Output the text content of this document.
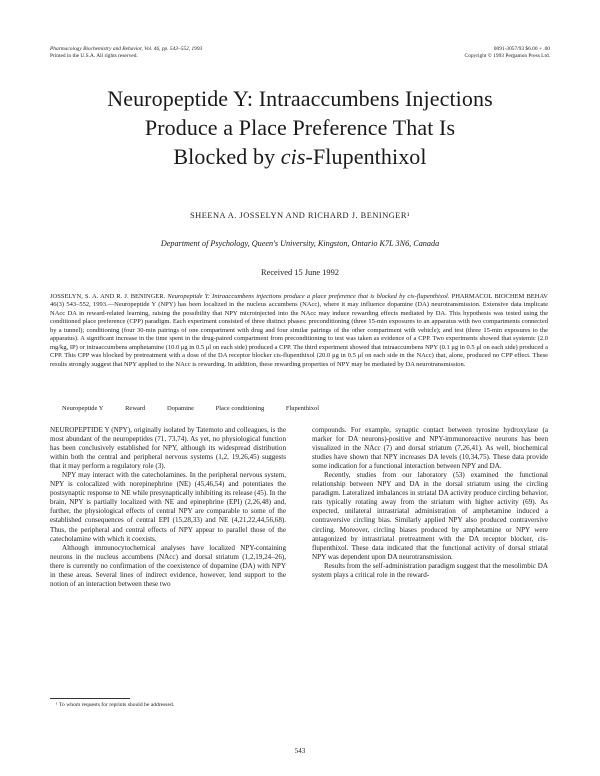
Pharmacology Biochemistry and Behavior, Vol. 46, pp. 543–552, 1993
Printed in the U.S.A. All rights reserved.
0091-3057/93 $6.00 + .00
Copyright © 1993 Pergamon Press Ltd.
Neuropeptide Y: Intraaccumbens Injections
Produce a Place Preference That Is
Blocked by cis-Flupenthixol
SHEENA A. JOSSELYN AND RICHARD J. BENINGER¹
Department of Psychology, Queen's University, Kingston, Ontario K7L 3N6, Canada
Received 15 June 1992
JOSSELYN, S. A. AND R. J. BENINGER. Neuropeptide Y: Intraaccumbens injections produce a place preference that is blocked by cis-flupenthixol. PHARMACOL BIOCHEM BEHAV 46(3) 543–552, 1993.—Neuropeptide Y (NPY) has been localized in the nucleus accumbens (NAcc), where it may influence dopamine (DA) neurotransmission. Extensive data implicate NAcc DA in reward-related learning, raising the possibility that NPY microinjected into the NAcc may induce rewarding effects mediated by DA. This hypothesis was tested using the conditioned place preference (CPP) paradigm. Each experiment consisted of three distinct phases: preconditioning (three 15-min exposures to an apparatus with two compartments connected by a tunnel); conditioning (four 30-min pairings of one compartment with drug and four similar pairings of the other compartment with vehicle); and test (three 15-min exposures to the apparatus). A significant increase in the time spent in the drug-paired compartment from preconditioning to test was taken as evidence of a CPP. Two experiments showed that systemic (2.0 mg/kg, IP) or intraaccumbens amphetamine (10.0 μg in 0.5 μl on each side) produced a CPP. The third experiment showed that intraaccumbens NPY (0.1 μg in 0.5 μl on each side) produced a CPP. This CPP was blocked by pretreatment with a dose of the DA receptor blocker cis-flupenthixol (20.0 μg in 0.5 μl on each side in the NAcc) that, alone, produced no CPP effect. These results strongly suggest that NPY applied to the NAcc is rewarding. In addition, these rewarding properties of NPY may be mediated by DA neurotransmission.
Neuropeptide Y	Reward	Dopamine	Place conditioning	Flupenthixol

NEUROPEPTIDE Y (NPY), originally isolated by Tatemoto and colleagues, is the most abundant of the neuropeptides (71, 73,74). As yet, no physiological function has been conclusively established for NPY, although its widespread distribution within both the central and peripheral nervous systems (1,2, 19,26,45) suggests that it may perform a regulatory role (3).

NPY may interact with the catecholamines. In the peripheral nervous system, NPY is colocalized with norepinephrine (NE) (45,46,54) and potentiates the postsynaptic response to NE while presynaptically inhibiting its release (45). In the brain, NPY is partially localized with NE and epinephrine (EPI) (2,26,48) and, further, the physiological effects of central NPY are comparable to some of the established consequences of central EPI (15,28,33) and NE (4,21,22,44,56,68). Thus, the peripheral and central effects of NPY appear to parallel those of the catecholamine with which it coexists.

Although immunocytochemical analyses have localized NPY-containing neurons in the nucleus accumbens (NAcc) and dorsal striatum (1,2,19,24–26), there is currently no confirmation of the coexistence of dopamine (DA) with NPY in these areas. Several lines of indirect evidence, however, lend support to the notion of an interaction between these two

compounds. For example, synaptic contact between tyrosine hydroxylase (a marker for DA neurons)-positive and NPY-immunoreactive neurons has been visualized in the NAcc (7) and dorsal striatum (7,26,41). As well, biochemical studies have shown that NPY increases DA levels (10,34,75). These data provide some indication for a functional interaction between NPY and DA.

Recently, studies from our laboratory (53) examined the functional relationship between NPY and DA in the dorsal striatum using the circling paradigm. Lateralized imbalances in striatal DA activity produce circling behavior, rats typically rotating away from the striatum with higher activity (69). As expected, unilateral intrastriatal administration of amphetamine induced a contraversive circling bias. Similarly applied NPY also produced contraversive circling. Moreover, circling biases produced by amphetamine or NPY were antagonized by intrastriatal pretreatment with the DA receptor blocker, cis-flupenthixol. These data indicated that the functional activity of dorsal striatal NPY was dependent upon DA neurotransmission.

Results from the self-administration paradigm suggest that the mesolimbic DA system plays a critical role in the reward-

¹ To whom requests for reprints should be addressed.
543
